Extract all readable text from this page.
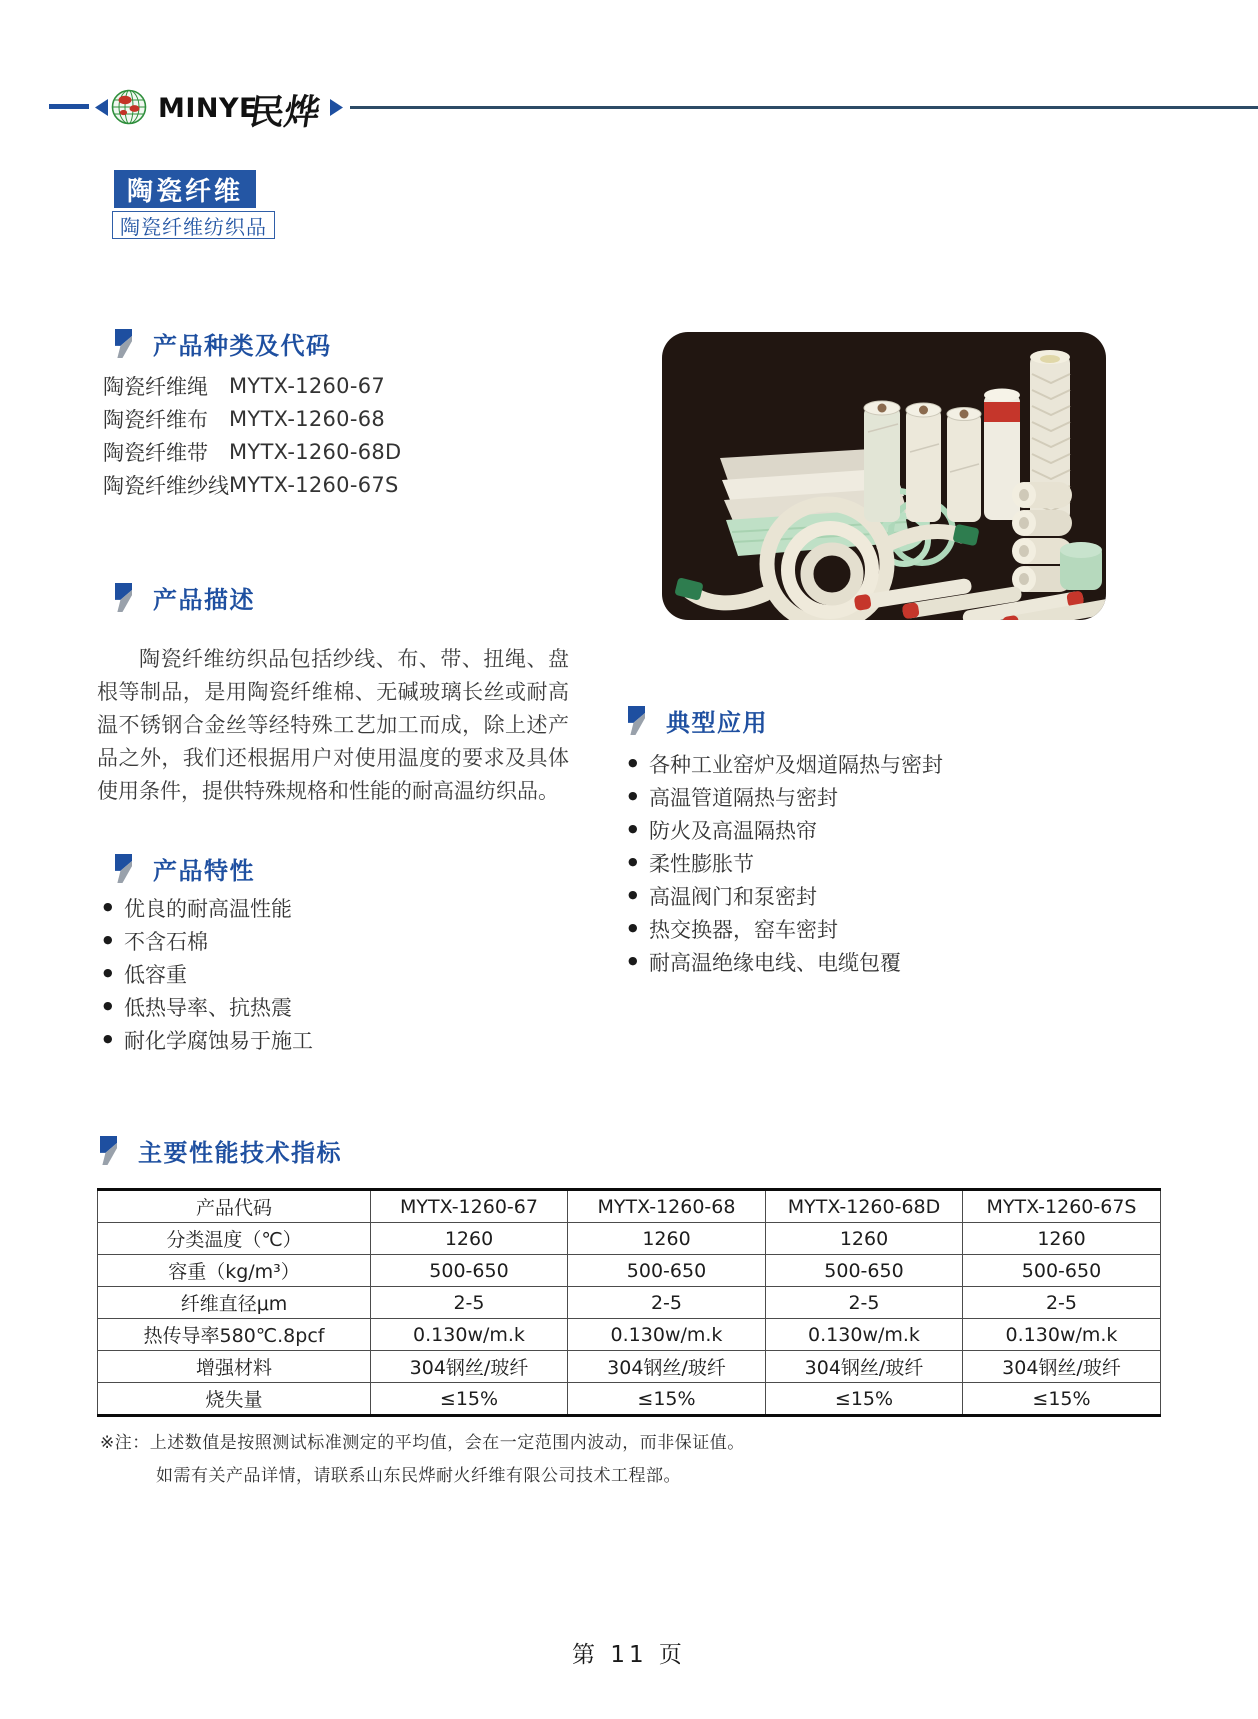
MINYE
民烨
陶瓷纤维
陶瓷纤维纺织品
产品种类及代码
陶瓷纤维绳	MYTX-1260-67
陶瓷纤维布	MYTX-1260-68
陶瓷纤维带	MYTX-1260-68D
陶瓷纤维纱线 MYTX-1260-67S
产品描述

陶瓷纤维纺织品包括纱线、布、带、扭绳、盘根等制品，是用陶瓷纤维棉、无碱玻璃长丝或耐高温不锈钢合金丝等经特殊工艺加工而成，除上述产品之外，我们还根据用户对使用温度的要求及具体使用条件，提供特殊规格和性能的耐高温纺织品。

典型应用
● 各种工业窑炉及烟道隔热与密封
● 高温管道隔热与密封
● 防火及高温隔热帘
● 柔性膨胀节
● 高温阀门和泵密封
● 热交换器，窑车密封
● 耐高温绝缘电线、电缆包覆
产品特性
● 优良的耐高温性能
● 不含石棉
● 低容重
● 低热导率、抗热震
● 耐化学腐蚀易于施工
主要性能技术指标
产品代码	MYTX-1260-67	MYTX-1260-68	MYTX-1260-68D	MYTX-1260-67S
分类温度（℃）	1260	1260	1260	1260
容重（kg/m³）	500-650	500-650	500-650	500-650
纤维直径μm	2-5	2-5	2-5	2-5
热传导率580℃.8pcf	0.130w/m.k	0.130w/m.k	0.130w/m.k	0.130w/m.k
增强材料	304钢丝/玻纤	304钢丝/玻纤	304钢丝/玻纤	304钢丝/玻纤
烧失量	≤15%	≤15%	≤15%	≤15%
※注：上述数值是按照测试标准测定的平均值，会在一定范围内波动，而非保证值。
如需有关产品详情，请联系山东民烨耐火纤维有限公司技术工程部。
第 11 页
